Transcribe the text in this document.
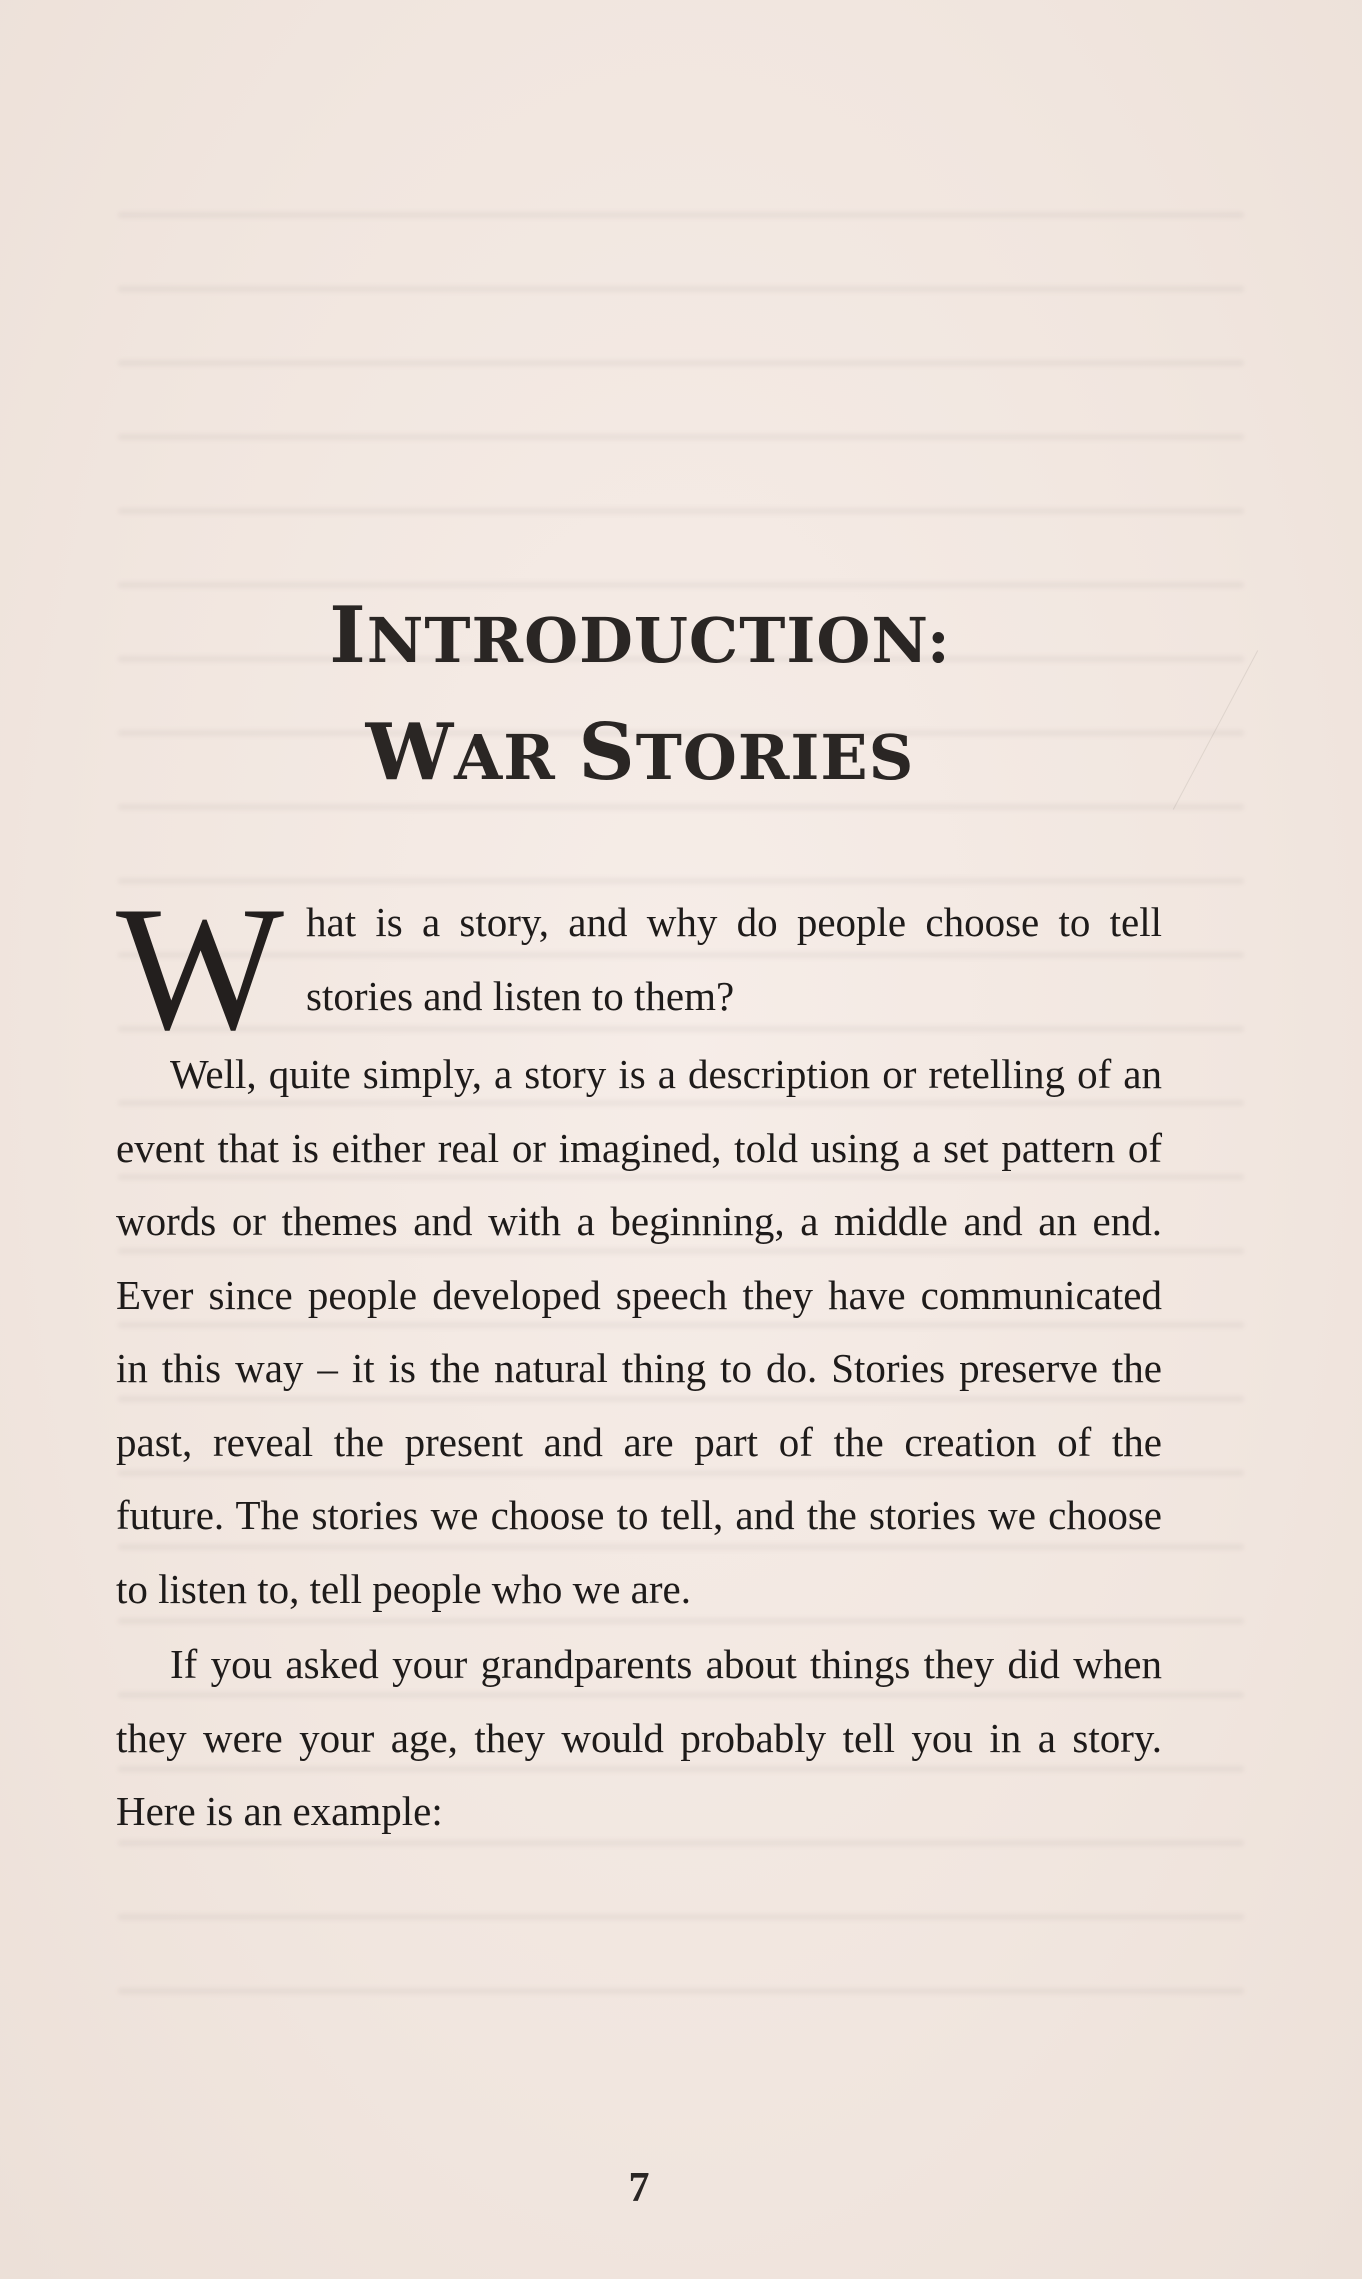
INTRODUCTION:
WAR STORIES

What is a story, and why do people choose to tell stories and listen to them?

Well, quite simply, a story is a description or retelling of an event that is either real or imagined, told using a set pattern of words or themes and with a beginning, a middle and an end. Ever since people developed speech they have communicated in this way – it is the natural thing to do. Stories preserve the past, reveal the present and are part of the creation of the future. The stories we choose to tell, and the stories we choose to listen to, tell people who we are.

If you asked your grandparents about things they did when they were your age, they would probably tell you in a story. Here is an example:

7
